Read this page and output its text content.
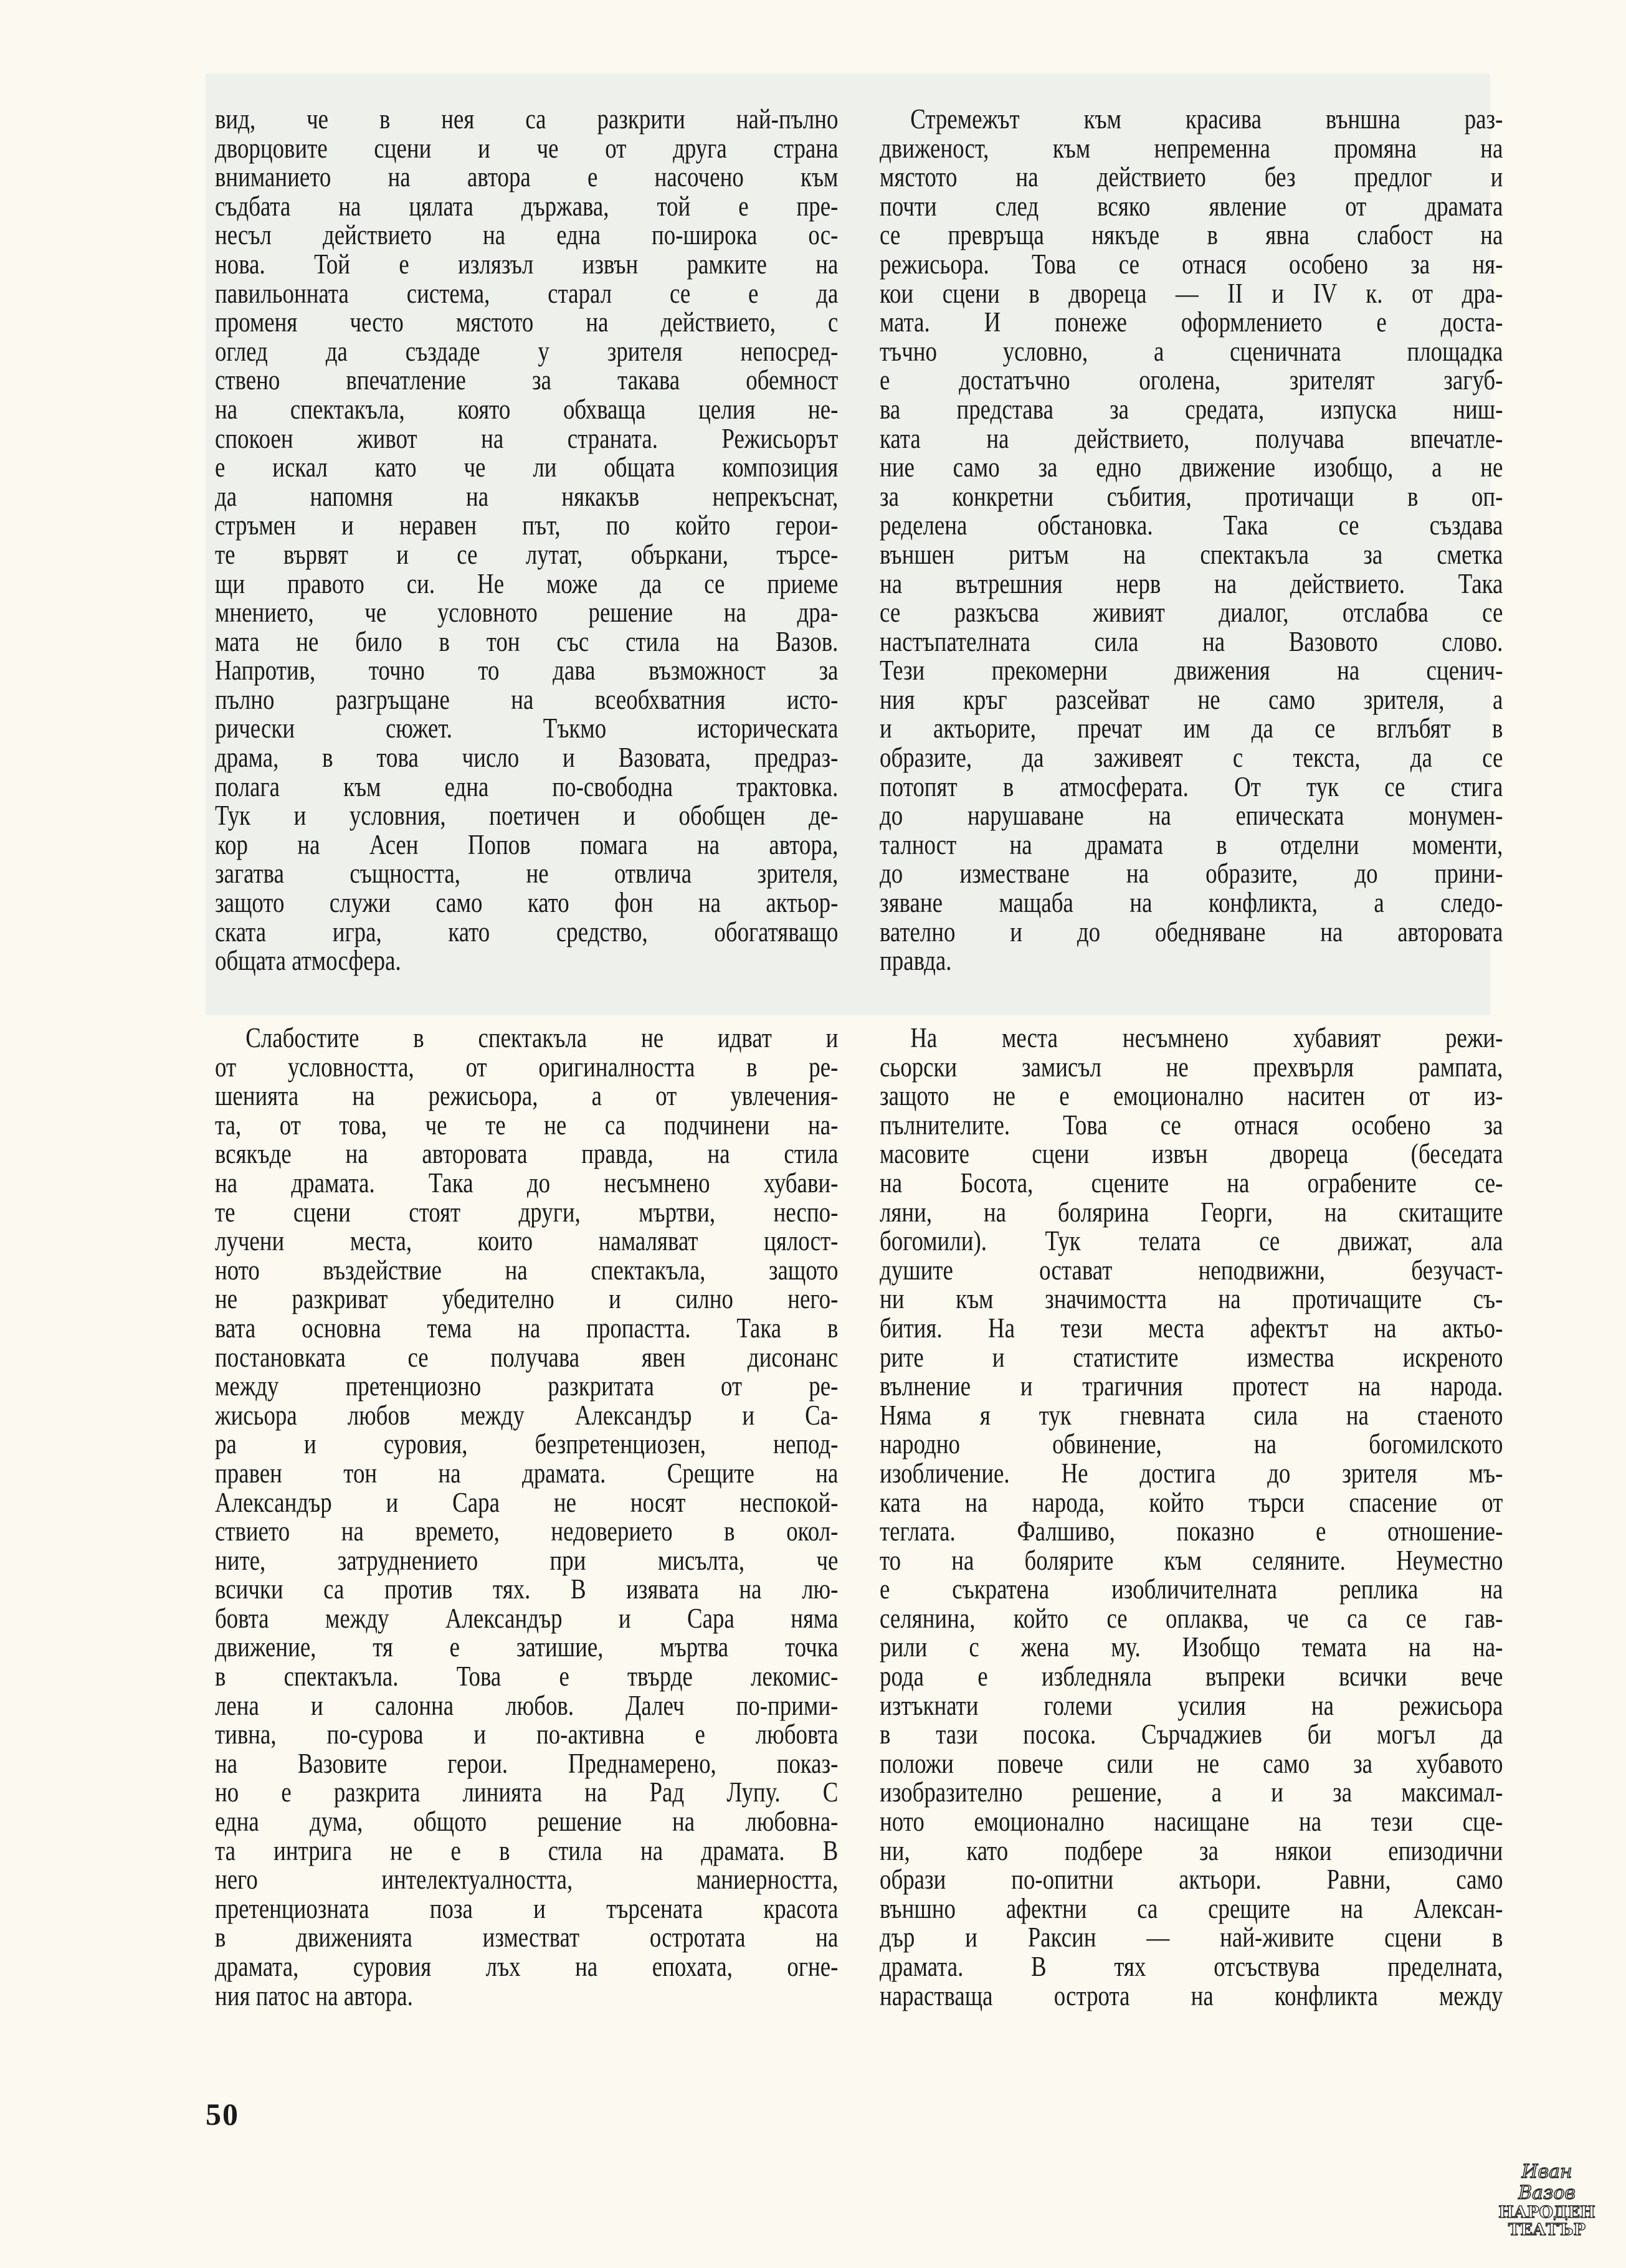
вид, че в нея са разкрити най-пълно
дворцовите сцени и че от друга страна
вниманието на автора е насочено към
съдбата на цялата държава, той е пре-
несъл действието на една по-широка ос-
нова. Той е излязъл извън рамките на
павильонната система, старал се е да
променя често мястото на действието, с
оглед да създаде у зрителя непосред-
ствено впечатление за такава обемност
на спектакъла, която обхваща целия не-
спокоен живот на страната. Режисьорът
е искал като че ли общата композиция
да напомня на някакъв непрекъснат,
стръмен и неравен път, по който герои-
те вървят и се лутат, объркани, търсе-
щи правото си. Не може да се приеме
мнението, че условното решение на дра-
мата не било в тон със стила на Вазов.
Напротив, точно то дава възможност за
пълно разгръщане на всеобхватния исто-
рически сюжет. Тъкмо историческата
драма, в това число и Вазовата, предраз-
полага към една по-свободна трактовка.
Тук и условния, поетичен и обобщен де-
кор на Асен Попов помага на автора,
загатва същността, не отвлича зрителя,
защото служи само като фон на актьор-
ската игра, като средство, обогатяващо
общата атмосфера.
Стремежът към красива външна раз-
движеност, към непременна промяна на
мястото на действието без предлог и
почти след всяко явление от драмата
се превръща някъде в явна слабост на
режисьора. Това се отнася особено за ня-
кои сцени в двореца — II и IV к. от дра-
мата. И понеже оформлението е доста-
тъчно условно, а сценичната площадка
е достатъчно оголена, зрителят загуб-
ва представа за средата, изпуска ниш-
ката на действието, получава впечатле-
ние само за едно движение изобщо, а не
за конкретни събития, протичащи в оп-
ределена обстановка. Така се създава
външен ритъм на спектакъла за сметка
на вътрешния нерв на действието. Така
се разкъсва живият диалог, отслабва се
настъпателната сила на Вазовото слово.
Тези прекомерни движения на сценич-
ния кръг разсейват не само зрителя, а
и актьорите, пречат им да се вглъбят в
образите, да заживеят с текста, да се
потопят в атмосферата. От тук се стига
до нарушаване на епическата монумен-
талност на драмата в отделни моменти,
до изместване на образите, до прини-
зяване мащаба на конфликта, а следо-
вателно и до обедняване на авторовата
правда.
Слабостите в спектакъла не идват и
от условността, от оригиналността в ре-
шенията на режисьора, а от увлечения-
та, от това, че те не са подчинени на-
всякъде на авторовата правда, на стила
на драмата. Така до несъмнено хубави-
те сцени стоят други, мъртви, неспо-
лучени места, които намаляват цялост-
ното въздействие на спектакъла, защото
не разкриват убедително и силно него-
вата основна тема на пропастта. Така в
постановката се получава явен дисонанс
между претенциозно разкритата от ре-
жисьора любов между Александър и Са-
ра и суровия, безпретенциозен, непод-
правен тон на драмата. Срещите на
Александър и Сара не носят неспокой-
ствието на времето, недоверието в окол-
ните, затруднението при мисълта, че
всички са против тях. В изявата на лю-
бовта между Александър и Сара няма
движение, тя е затишие, мъртва точка
в спектакъла. Това е твърде лекомис-
лена и салонна любов. Далеч по-прими-
тивна, по-сурова и по-активна е любовта
на Вазовите герои. Преднамерено, показ-
но е разкрита линията на Рад Лупу. С
една дума, общото решение на любовна-
та интрига не е в стила на драмата. В
него интелектуалността, маниерността,
претенциозната поза и търсената красота
в движенията изместват остротата на
драмата, суровия лъх на епохата, огне-
ния патос на автора.
На места несъмнено хубавият режи-
сьорски замисъл не прехвърля рампата,
защото не е емоционално наситен от из-
пълнителите. Това се отнася особено за
масовите сцени извън двореца (беседата
на Босота, сцените на ограбените се-
ляни, на болярина Георги, на скитащите
богомили). Тук телата се движат, ала
душите остават неподвижни, безучаст-
ни към значимостта на протичащите съ-
бития. На тези места афектът на актьо-
рите и статистите измества искреното
вълнение и трагичния протест на народа.
Няма я тук гневната сила на стаеното
народно обвинение, на богомилското
изобличение. Не достига до зрителя мъ-
ката на народа, който търси спасение от
теглата. Фалшиво, показно е отношение-
то на болярите към селяните. Неуместно
е съкратена изобличителната реплика на
селянина, който се оплаква, че са се гав-
рили с жена му. Изобщо темата на на-
рода е избледняла въпреки всички вече
изтъкнати големи усилия на режисьора
в тази посока. Сърчаджиев би могъл да
положи повече сили не само за хубавото
изобразително решение, а и за максимал-
ното емоционално насищане на тези сце-
ни, като подбере за някои епизодични
образи по-опитни актьори. Равни, само
външно афектни са срещите на Алексан-
дър и Раксин — най-живите сцени в
драмата. В тях отсъствува пределната,
нарастваща острота на конфликта между
50
Иван Вазов
НАРОДЕН
ТЕАТЪР
